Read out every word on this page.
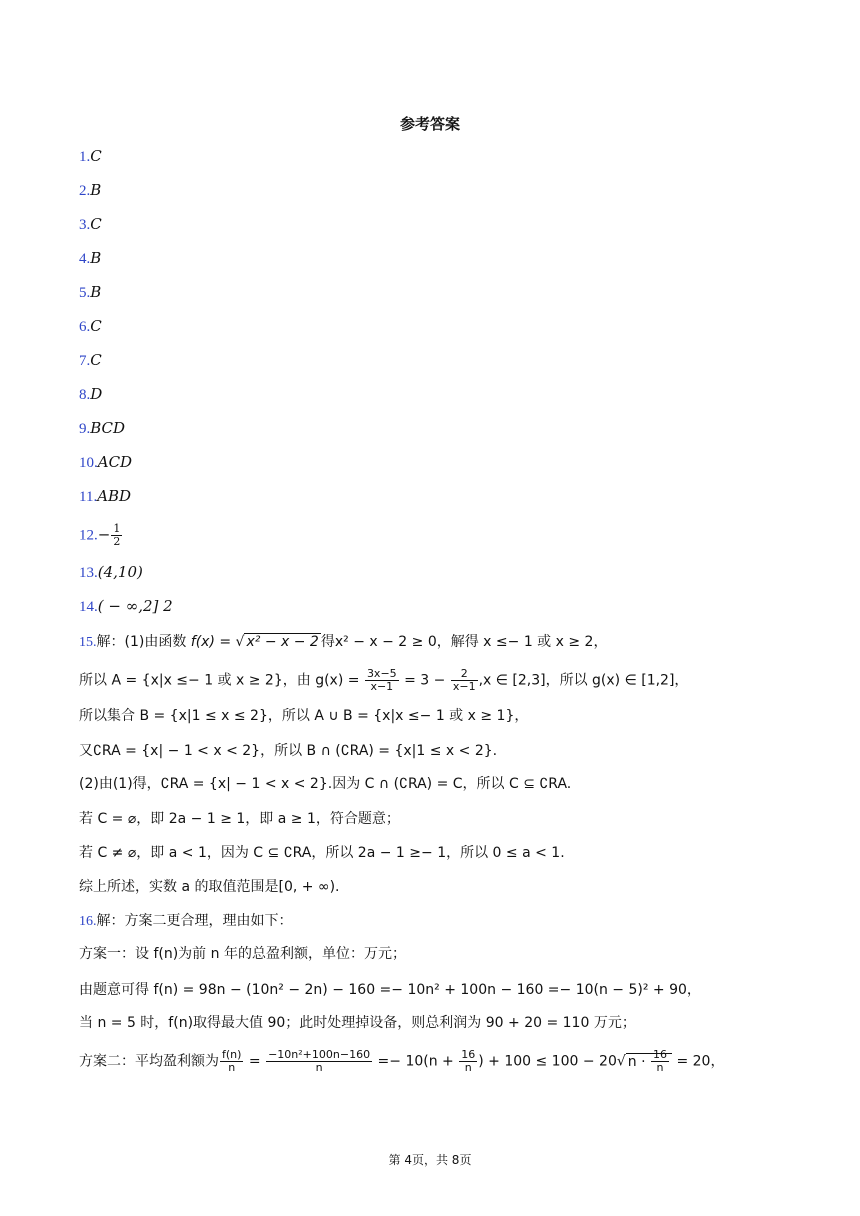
参考答案
1.C
2.B
3.C
4.B
5.B
6.C
7.C
8.D
9.BCD
10.ACD
11.ABD
$12.- \frac{1}{2}$
13.(4,10)
14.( − ∞,2] 2
15.解：(1)由函数 f(x) = √ x² − x − 2 得x² − x − 2 ≥ 0，解得 x ≤− 1 或 x ≥ 2，
所以 A = {x|x ≤− 1 或 x ≥ 2}，由 $g(x) = \frac{3x-5}{x-1} = 3 - \frac{2}{x-1} ,x$ ∈ [2,3]，所以 g(x) ∈ [1,2]，
所以集合 B = {x|1 ≤ x ≤ 2}，所以 A ∪ B = {x|x ≤− 1 或 x ≥ 1}，
又∁RA = {x| − 1 < x < 2}，所以 B ∩ (∁RA) = {x|1 ≤ x < 2}.
(2)由(1)得，∁RA = {x| − 1 < x < 2}.因为 C ∩ (∁RA) = C，所以 C ⊆ ∁RA.
若 C = ⌀，即 2a − 1 ≥ 1，即 a ≥ 1，符合题意；
若 C ≠ ⌀，即 a < 1，因为 C ⊆ ∁RA，所以 2a − 1 ≥− 1，所以 0 ≤ a < 1.
综上所述，实数 a 的取值范围是[0, + ∞).
16.解：方案二更合理，理由如下：
方案一：设 f(n)为前 n 年的总盈利额，单位：万元；
由题意可得 f(n) = 98n − (10n² − 2n) − 160 =− 10n² + 100n − 160 =− 10(n − 5)² + 90，
当 n = 5 时，f(n)取得最大值 90；此时处理掉设备，则总利润为 90 + 20 = 110 万元；
方案二：平均盈利额为 $\frac{f(n)}{n} = \frac{\text{−10n²+100n−160}}{n} =- 10(n + \frac{16}{n}$ ) + 100 ≤ 100 − 20√ $n \cdot \frac{16}{n} = 20$，
第 4页，共 8页
